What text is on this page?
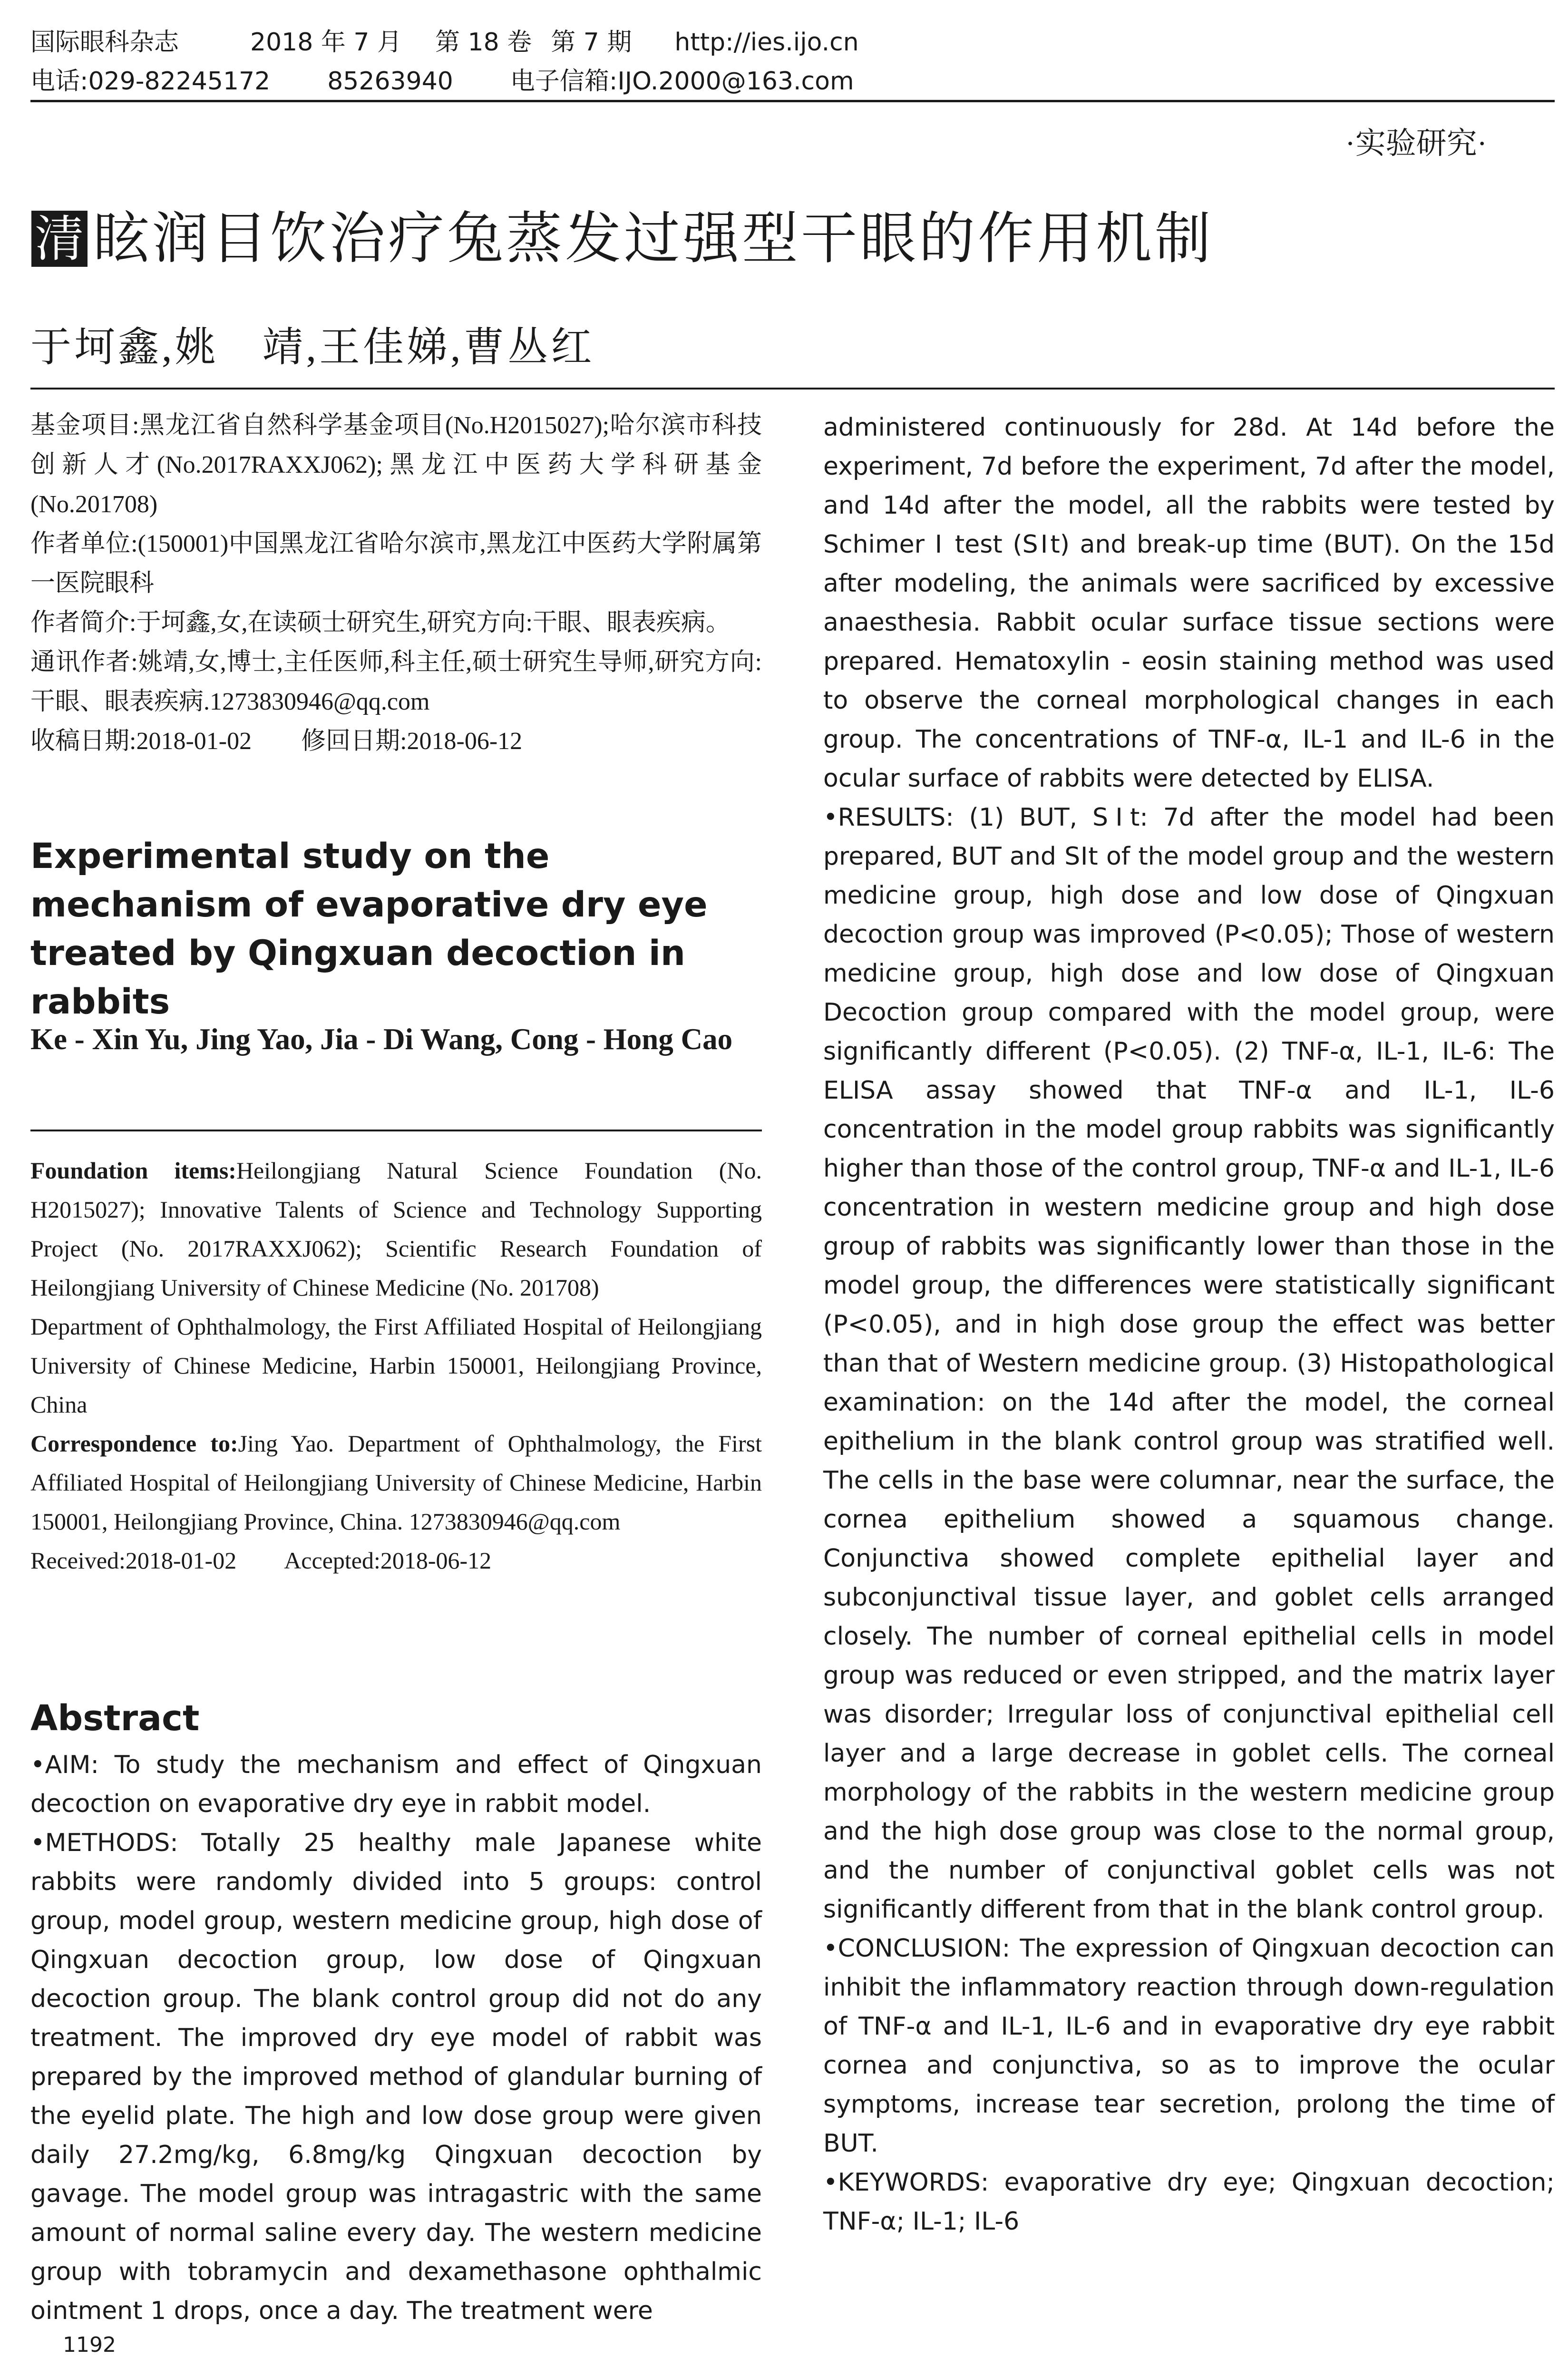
国际眼科杂志	2018 年 7 月 第 18 卷 第 7 期 http://ies.ijo.cn
电话:029-82245172 85263940 电子信箱:IJO.2000@163.com
·实验研究·
清 眩润目饮治疗兔蒸发过强型干眼的作用机制
于坷鑫,姚　靖,王佳娣,曹丛红

基金项目:黑龙江省自然科学基金项目(No.H2015027);哈尔滨市科技创新人才(No.2017RAXXJ062);黑龙江中医药大学科研基金(No.201708)

作者单位:(150001)中国黑龙江省哈尔滨市,黑龙江中医药大学附属第一医院眼科

作者简介:于坷鑫,女,在读硕士研究生,研究方向:干眼、眼表疾病。

通讯作者:姚靖,女,博士,主任医师,科主任,硕士研究生导师,研究方向:干眼、眼表疾病.1273830946@qq.com

收稿日期:2018-01-02　　修回日期:2018-06-12

Experimental study on the mechanism of evaporative dry eye treated by Qingxuan decoction in rabbits
Ke - Xin Yu, Jing Yao, Jia - Di Wang, Cong - Hong Cao

Foundation items:Heilongjiang Natural Science Foundation (No. H2015027); Innovative Talents of Science and Technology Supporting Project (No. 2017RAXXJ062); Scientific Research Foundation of Heilongjiang University of Chinese Medicine (No. 201708)

Department of Ophthalmology, the First Affiliated Hospital of Heilongjiang University of Chinese Medicine, Harbin 150001, Heilongjiang Province, China

Correspondence to:Jing Yao. Department of Ophthalmology, the First Affiliated Hospital of Heilongjiang University of Chinese Medicine, Harbin 150001, Heilongjiang Province, China. 1273830946@qq.com

Received:2018-01-02　　Accepted:2018-06-12

Abstract

•AIM: To study the mechanism and effect of Qingxuan decoction on evaporative dry eye in rabbit model.

•METHODS: Totally 25 healthy male Japanese white rabbits were randomly divided into 5 groups: control group, model group, western medicine group, high dose of Qingxuan decoction group, low dose of Qingxuan decoction group. The blank control group did not do any treatment. The improved dry eye model of rabbit was prepared by the improved method of glandular burning of the eyelid plate. The high and low dose group were given daily 27.2mg/kg, 6.8mg/kg Qingxuan decoction by gavage. The model group was intragastric with the same amount of normal saline every day. The western medicine group with tobramycin and dexamethasone ophthalmic ointment 1 drops, once a day. The treatment were

administered continuously for 28d. At 14d before the experiment, 7d before the experiment, 7d after the model, and 14d after the model, all the rabbits were tested by Schimer Ⅰ test (SⅠt) and break-up time (BUT). On the 15d after modeling, the animals were sacrificed by excessive anaesthesia. Rabbit ocular surface tissue sections were prepared. Hematoxylin - eosin staining method was used to observe the corneal morphological changes in each group. The concentrations of TNF-α, IL-1 and IL-6 in the ocular surface of rabbits were detected by ELISA.

•RESULTS: (1) BUT, SⅠt: 7d after the model had been prepared, BUT and SⅠt of the model group and the western medicine group, high dose and low dose of Qingxuan decoction group was improved (P<0.05); Those of western medicine group, high dose and low dose of Qingxuan Decoction group compared with the model group, were significantly different (P<0.05). (2) TNF-α, IL-1, IL-6: The ELISA assay showed that TNF-α and IL-1, IL-6 concentration in the model group rabbits was significantly higher than those of the control group, TNF-α and IL-1, IL-6 concentration in western medicine group and high dose group of rabbits was significantly lower than those in the model group, the differences were statistically significant (P<0.05), and in high dose group the effect was better than that of Western medicine group. (3) Histopathological examination: on the 14d after the model, the corneal epithelium in the blank control group was stratified well. The cells in the base were columnar, near the surface, the cornea epithelium showed a squamous change. Conjunctiva showed complete epithelial layer and subconjunctival tissue layer, and goblet cells arranged closely. The number of corneal epithelial cells in model group was reduced or even stripped, and the matrix layer was disorder; Irregular loss of conjunctival epithelial cell layer and a large decrease in goblet cells. The corneal morphology of the rabbits in the western medicine group and the high dose group was close to the normal group, and the number of conjunctival goblet cells was not significantly different from that in the blank control group.

•CONCLUSION: The expression of Qingxuan decoction can inhibit the inflammatory reaction through down-regulation of TNF-α and IL-1, IL-6 and in evaporative dry eye rabbit cornea and conjunctiva, so as to improve the ocular symptoms, increase tear secretion, prolong the time of BUT.

•KEYWORDS: evaporative dry eye; Qingxuan decoction; TNF-α; IL-1; IL-6

1192
